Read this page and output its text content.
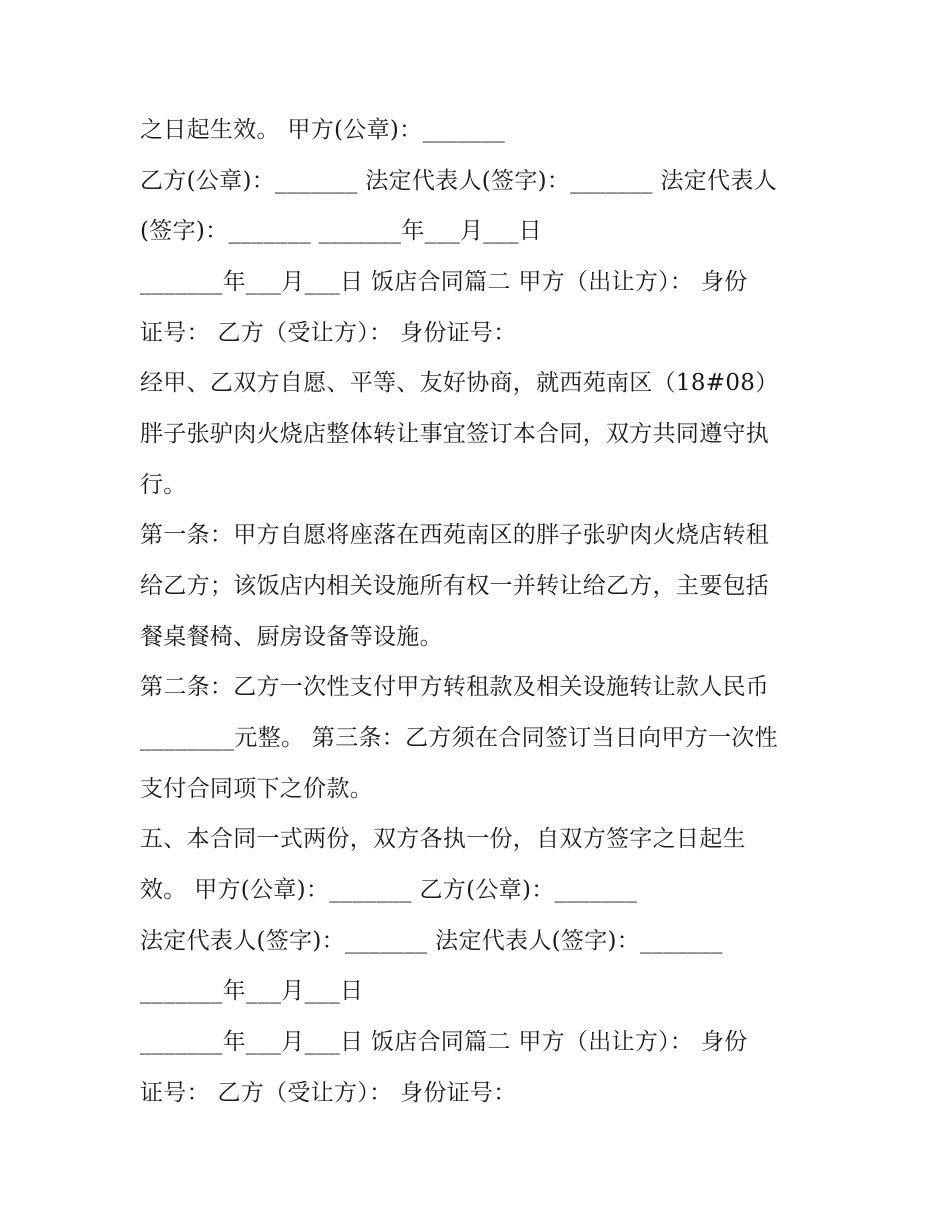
之日起生效。 甲方(公章)：_______
乙方(公章)：_______ 法定代表人(签字)：_______ 法定代表人
(签字)：_______ _______年___月___日
_______年___月___日 饭店合同篇二 甲方（出让方）： 身份
证号： 乙方（受让方）： 身份证号：
经甲、乙双方自愿、平等、友好协商，就西苑南区（18#08）
胖子张驴肉火烧店整体转让事宜签订本合同，双方共同遵守执
行。
第一条：甲方自愿将座落在西苑南区的胖子张驴肉火烧店转租
给乙方；该饭店内相关设施所有权一并转让给乙方，主要包括
餐桌餐椅、厨房设备等设施。
第二条：乙方一次性支付甲方转租款及相关设施转让款人民币
________元整。 第三条：乙方须在合同签订当日向甲方一次性
支付合同项下之价款。
五、本合同一式两份，双方各执一份，自双方签字之日起生
效。 甲方(公章)：_______ 乙方(公章)：_______
法定代表人(签字)：_______ 法定代表人(签字)：_______
_______年___月___日
_______年___月___日 饭店合同篇二 甲方（出让方）： 身份
证号： 乙方（受让方）： 身份证号：
